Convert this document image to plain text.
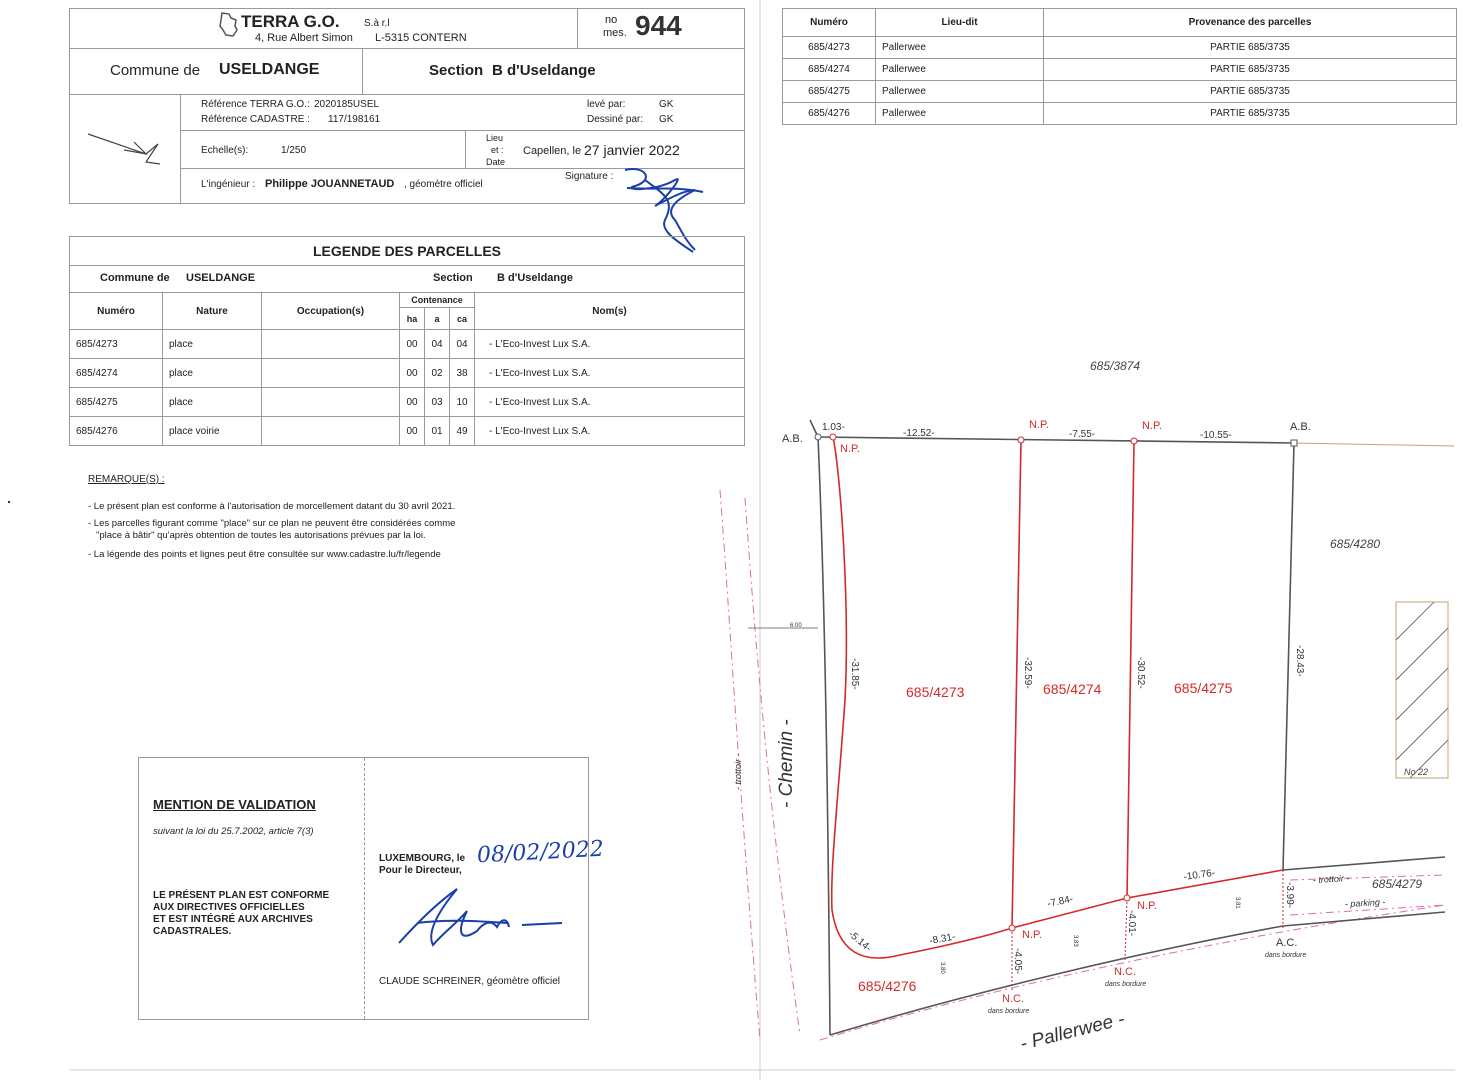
TERRA G.O. S.à r.l
4, Rue Albert Simon L-5315 CONTERN
no
mes. 944
Commune de USELDANGE	Section B d'Useldange
Référence TERRA G.O.: 2020185USEL
Référence CADASTRE : 117/198161
levé par:	GK
Dessiné par: GK
Echelle(s):	1/250
Lieu
et :
Date
Capellen, le 27 janvier 2022
L'ingénieur : Philippe JOUANNETAUD , géomètre officiel
Signature :
Numéro	Lieu-dit	Provenance des parcelles
685/4273	Pallerwee	PARTIE 685/3735
685/4274	Pallerwee	PARTIE 685/3735
685/4275	Pallerwee	PARTIE 685/3735
685/4276	Pallerwee	PARTIE 685/3735
LEGENDE DES PARCELLES
Commune de USELDANGE	Section B d'Useldange
Numéro	Nature	Occupation(s)	Contenance			Nom(s)
			ha	a	ca	
685/4273	place		00	04	04	- L'Eco-Invest Lux S.A.
685/4274	place		00	02	38	- L'Eco-Invest Lux S.A.
685/4275	place		00	03	10	- L'Eco-Invest Lux S.A.
685/4276	place voirie		00	01	49	- L'Eco-Invest Lux S.A.
REMARQUE(S) :
- Le présent plan est conforme à l'autorisation de morcellement datant du 30 avril 2021.
- Les parcelles figurant comme "place" sur ce plan ne peuvent être considérées comme
"place à bâtir" qu'après obtention de toutes les autorisations prévues par la loi.
- La légende des points et lignes peut être consultée sur www.cadastre.lu/fr/legende
MENTION DE VALIDATION
suivant la loi du 25.7.2002, article 7(3)
LE PRÉSENT PLAN EST CONFORME
AUX DIRECTIVES OFFICIELLES
ET EST INTÉGRÉ AUX ARCHIVES
CADASTRALES.
LUXEMBOURG, le
Pour le Directeur,
08/02/2022
CLAUDE SCHREINER, géomètre officiel
685/3874
685/4280
685/4279
No 22
- Chemin -
- Pallerwee -
- trottoir -
- trottoir -
- parking -
685/4273	685/4274	685/4275
685/4276
A.B.
A.B.
N.P.
N.P.	N.P.
N.P.
N.P.
N.C.
N.C.
A.C.
dans bordure
dans bordure
dans bordure
1.03-
-12.52-	-7.55-	-10.55-
-31.85-	-32.59-	-30.52-	-28.43-
-5.14-	-8.31-
-7.84-
-10.76-
-4.05-
-4.01-
-3.99-
6.00
3.80
3.83
3.81
